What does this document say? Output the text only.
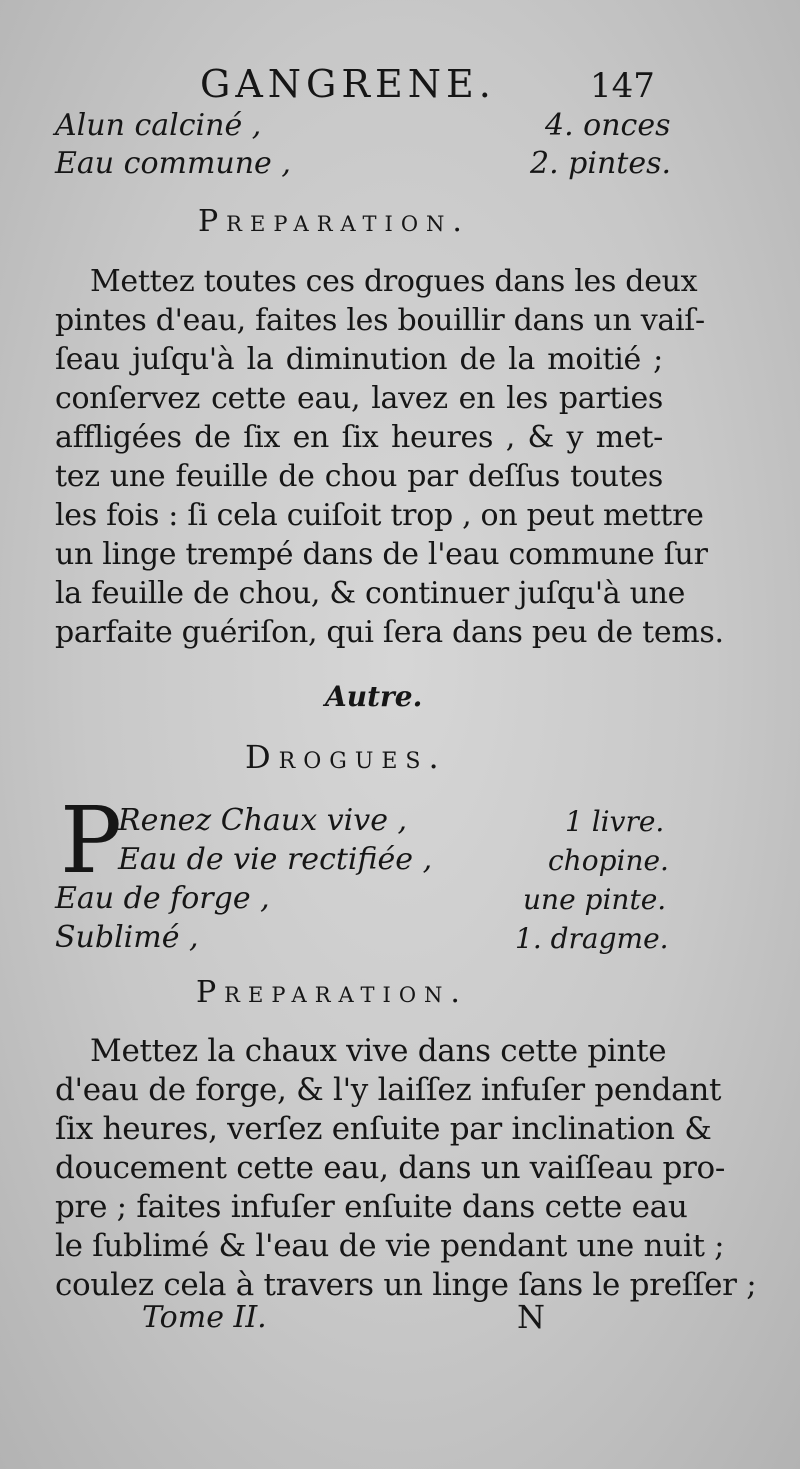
GANGRENE.	147
Alun calciné ,	4. onces
Eau commune ,	2. pintes.
Preparation.
Mettez toutes ces drogues dans les deux
pintes d'eau, faites les bouillir dans un vaiſ-
ſeau juſqu'à la diminution de la moitié ;
conſervez cette eau, lavez en les parties
affligées de ſix en ſix heures , & y met-
tez une feuille de chou par deſſus toutes
les fois : ſi cela cuiſoit trop , on peut mettre
un linge trempé dans de l'eau commune ſur
la feuille de chou, & continuer juſqu'à une
parfaite guériſon, qui ſera dans peu de tems.
Autre.
Drogues.
P
Renez Chaux vive ,	1 livre.
Eau de vie rectifiée ,	chopine.
Eau de forge ,	une pinte.
Sublimé ,	1. dragme.
Preparation.
Mettez la chaux vive dans cette pinte
d'eau de forge, & l'y laiſſez infuſer pendant
ſix heures, verſez enſuite par inclination &
doucement cette eau, dans un vaiſſeau pro-
pre ; faites infuſer enſuite dans cette eau
le ſublimé & l'eau de vie pendant une nuit ;
coulez cela à travers un linge ſans le preſſer ;
Tome II.	N
